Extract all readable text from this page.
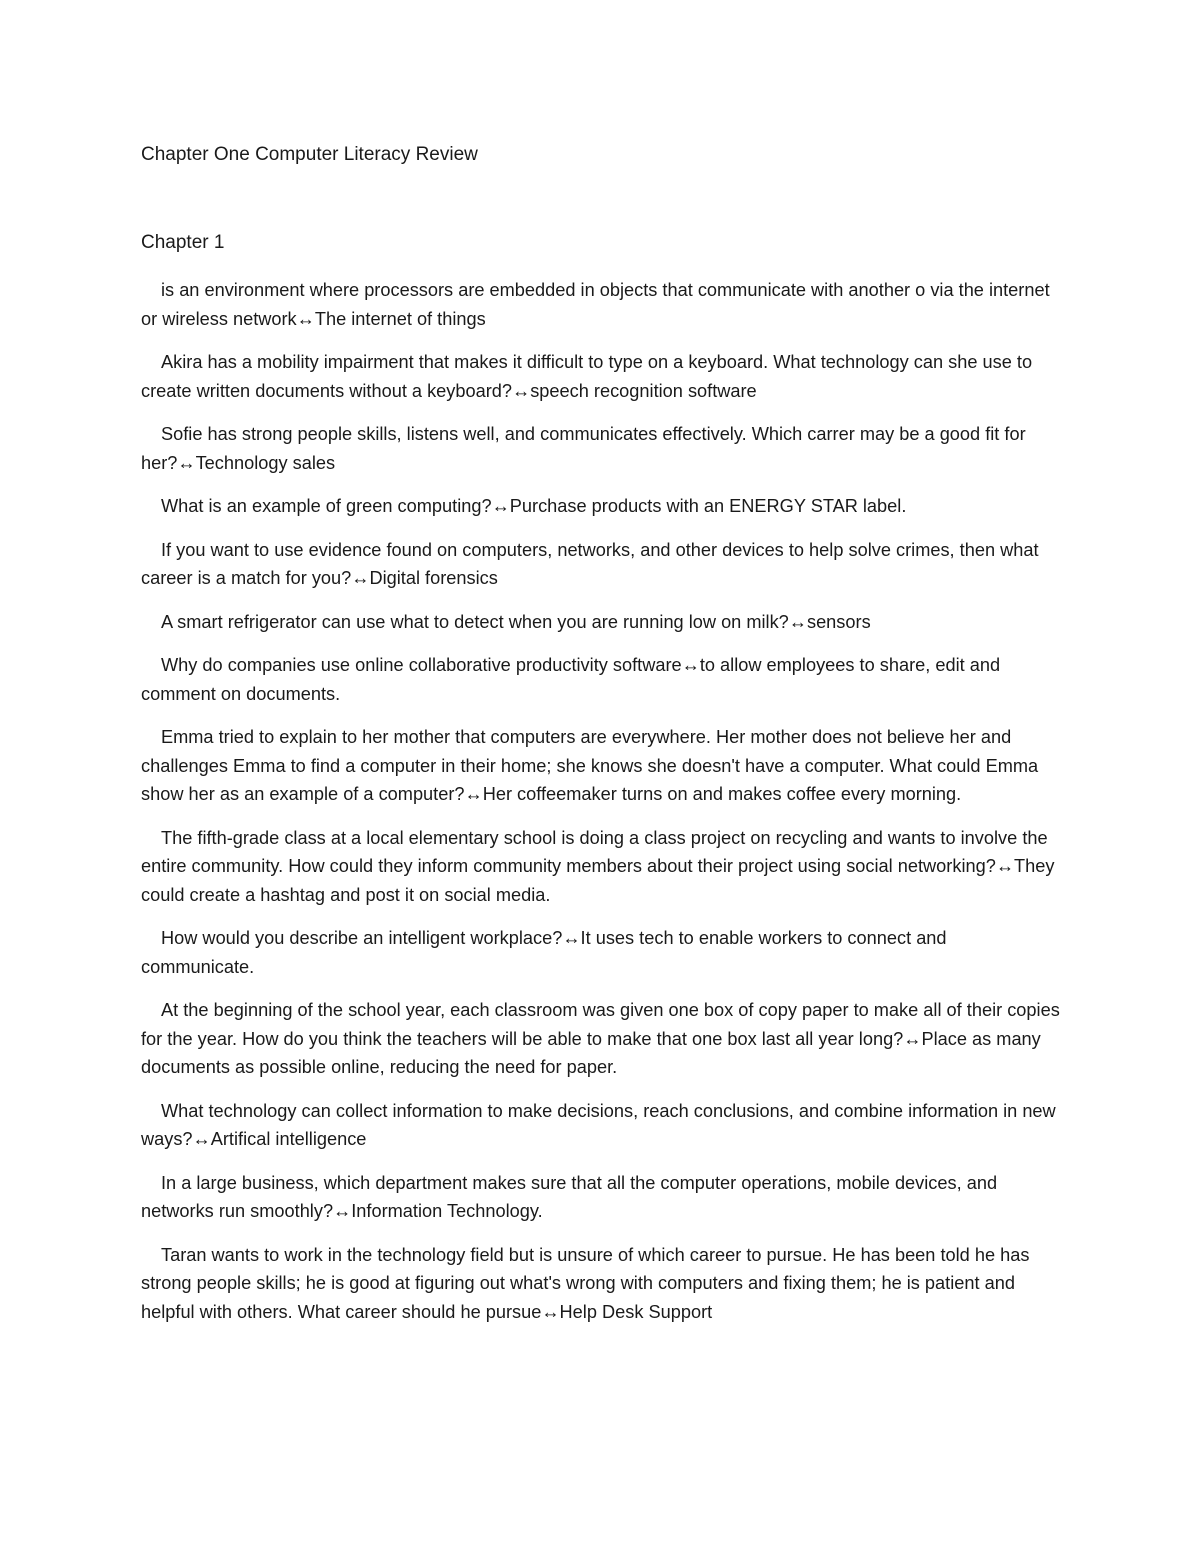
Chapter One Computer Literacy Review
Chapter 1
is an environment where processors are embedded in objects that communicate with another o via the internet or wireless network↔The internet of things
Akira has a mobility impairment that makes it difficult to type on a keyboard. What technology can she use to create written documents without a keyboard?↔speech recognition software
Sofie has strong people skills, listens well, and communicates effectively. Which carrer may be a good fit for her?↔Technology sales
What is an example of green computing?↔Purchase products with an ENERGY STAR label.
If you want to use evidence found on computers, networks, and other devices to help solve crimes, then what career is a match for you?↔Digital forensics
A smart refrigerator can use what to detect when you are running low on milk?↔sensors
Why do companies use online collaborative productivity software↔to allow employees to share, edit and comment on documents.
Emma tried to explain to her mother that computers are everywhere. Her mother does not believe her and challenges Emma to find a computer in their home; she knows she doesn't have a computer. What could Emma show her as an example of a computer?↔Her coffeemaker turns on and makes coffee every morning.
The fifth-grade class at a local elementary school is doing a class project on recycling and wants to involve the entire community. How could they inform community members about their project using social networking?↔They could create a hashtag and post it on social media.
How would you describe an intelligent workplace?↔It uses tech to enable workers to connect and communicate.
At the beginning of the school year, each classroom was given one box of copy paper to make all of their copies for the year. How do you think the teachers will be able to make that one box last all year long?↔Place as many documents as possible online, reducing the need for paper.
What technology can collect information to make decisions, reach conclusions, and combine information in new ways?↔Artifical intelligence
In a large business, which department makes sure that all the computer operations, mobile devices, and networks run smoothly?↔Information Technology.
Taran wants to work in the technology field but is unsure of which career to pursue. He has been told he has strong people skills; he is good at figuring out what's wrong with computers and fixing them; he is patient and helpful with others. What career should he pursue↔Help Desk Support
